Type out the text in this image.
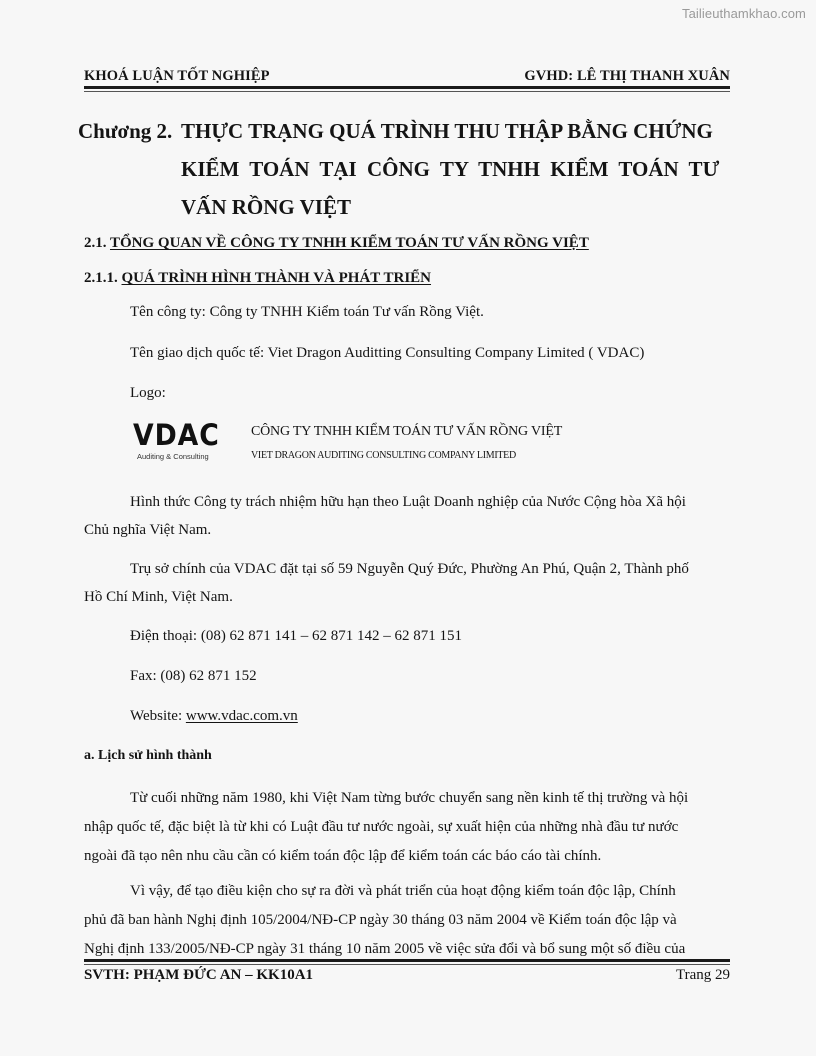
Tailieuthamkhao.com
KHOÁ LUẬN TỐT NGHIỆP	GVHD: LÊ THỊ THANH XUÂN
Chương 2. THỰC TRẠNG QUÁ TRÌNH THU THẬP BẰNG CHỨNG
KIỂM TOÁN TẠI CÔNG TY TNHH KIỂM TOÁN TƯ
VẤN RỒNG VIỆT
2.1. TỔNG QUAN VỀ CÔNG TY TNHH KIỂM TOÁN TƯ VẤN RỒNG VIỆT
2.1.1. QUÁ TRÌNH HÌNH THÀNH VÀ PHÁT TRIỂN
Tên công ty: Công ty TNHH Kiểm toán Tư vấn Rồng Việt.
Tên giao dịch quốc tế: Viet Dragon Auditting Consulting Company Limited ( VDAC)
Logo:
VDAC
Auditing & Consulting
CÔNG TY TNHH KIỂM TOÁN TƯ VẤN RỒNG VIỆT
VIET DRAGON AUDITING CONSULTING COMPANY LIMITED
Hình thức Công ty trách nhiệm hữu hạn theo Luật Doanh nghiệp của Nước Cộng hòa Xã hội
Chủ nghĩa Việt Nam.
Trụ sở chính của VDAC đặt tại số 59 Nguyễn Quý Đức, Phường An Phú, Quận 2, Thành phố
Hồ Chí Minh, Việt Nam.
Điện thoại: (08) 62 871 141 – 62 871 142 – 62 871 151
Fax: (08) 62 871 152
Website: www.vdac.com.vn
a. Lịch sử hình thành
Từ cuối những năm 1980, khi Việt Nam từng bước chuyển sang nền kinh tế thị trường và hội
nhập quốc tế, đặc biệt là từ khi có Luật đầu tư nước ngoài, sự xuất hiện của những nhà đầu tư nước
ngoài đã tạo nên nhu cầu cần có kiểm toán độc lập để kiểm toán các báo cáo tài chính.
Vì vậy, để tạo điều kiện cho sự ra đời và phát triển của hoạt động kiểm toán độc lập, Chính
phủ đã ban hành Nghị định 105/2004/NĐ-CP ngày 30 tháng 03 năm 2004 về Kiểm toán độc lập và
Nghị định 133/2005/NĐ-CP ngày 31 tháng 10 năm 2005 về việc sửa đổi và bổ sung một số điều của
SVTH: PHẠM ĐỨC AN – KK10A1	Trang 29
